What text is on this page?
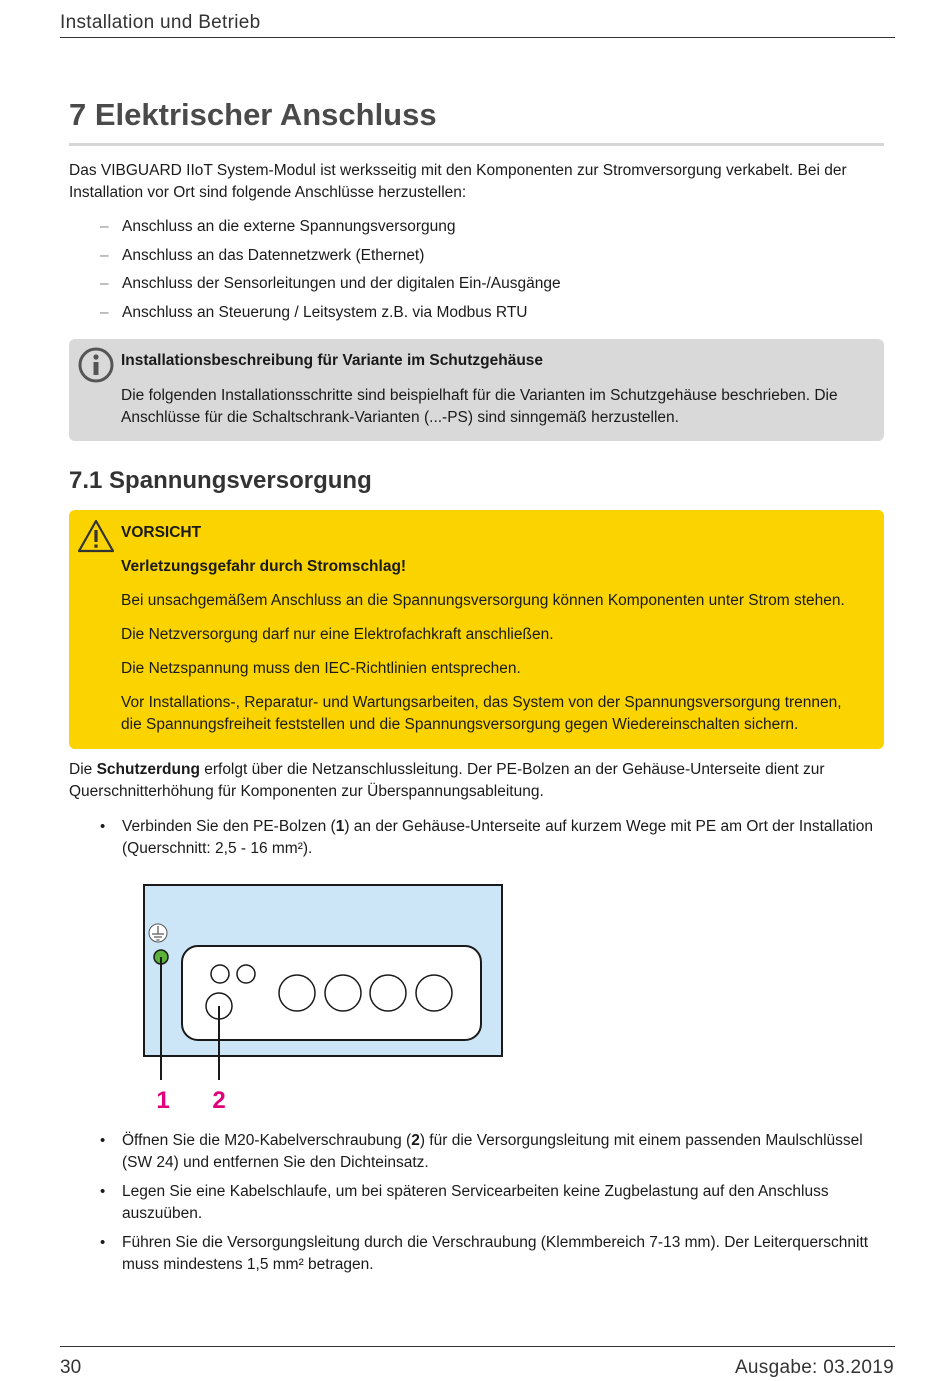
Installation und Betrieb
7 Elektrischer Anschluss
Das VIBGUARD IIoT System-Modul ist werksseitig mit den Komponenten zur Stromversorgung verkabelt. Bei der Installation vor Ort sind folgende Anschlüsse herzustellen:
– Anschluss an die externe Spannungsversorgung
– Anschluss an das Datennetzwerk (Ethernet)
– Anschluss der Sensorleitungen und der digitalen Ein-/Ausgänge
– Anschluss an Steuerung / Leitsystem z.B. via Modbus RTU
Installationsbeschreibung für Variante im Schutzgehäuse
Die folgenden Installationsschritte sind beispielhaft für die Varianten im Schutzgehäuse beschrieben. Die Anschlüsse für die Schaltschrank-Varianten (...-PS) sind sinngemäß herzustellen.
7.1 Spannungsversorgung
VORSICHT
Verletzungsgefahr durch Stromschlag!
Bei unsachgemäßem Anschluss an die Spannungsversorgung können Komponenten unter Strom stehen.
Die Netzversorgung darf nur eine Elektrofachkraft anschließen.
Die Netzspannung muss den IEC-Richtlinien entsprechen.
Vor Installations-, Reparatur- und Wartungsarbeiten, das System von der Spannungsversorgung trennen, die Spannungsfreiheit feststellen und die Spannungsversorgung gegen Wiedereinschalten sichern.
Die Schutzerdung erfolgt über die Netzanschlussleitung. Der PE-Bolzen an der Gehäuse-Unterseite dient zur Querschnitterhöhung für Komponenten zur Überspannungsableitung.
• Verbinden Sie den PE-Bolzen (1) an der Gehäuse-Unterseite auf kurzem Wege mit PE am Ort der Installation (Querschnitt: 2,5 - 16 mm²).
1 2
• Öffnen Sie die M20-Kabelverschraubung (2) für die Versorgungsleitung mit einem passenden Maulschlüssel (SW 24) und entfernen Sie den Dichteinsatz.
• Legen Sie eine Kabelschlaufe, um bei späteren Servicearbeiten keine Zugbelastung auf den Anschluss auszuüben.
• Führen Sie die Versorgungsleitung durch die Verschraubung (Klemmbereich 7-13 mm). Der Leiterquerschnitt muss mindestens 1,5 mm² betragen.
30	Ausgabe: 03.2019
